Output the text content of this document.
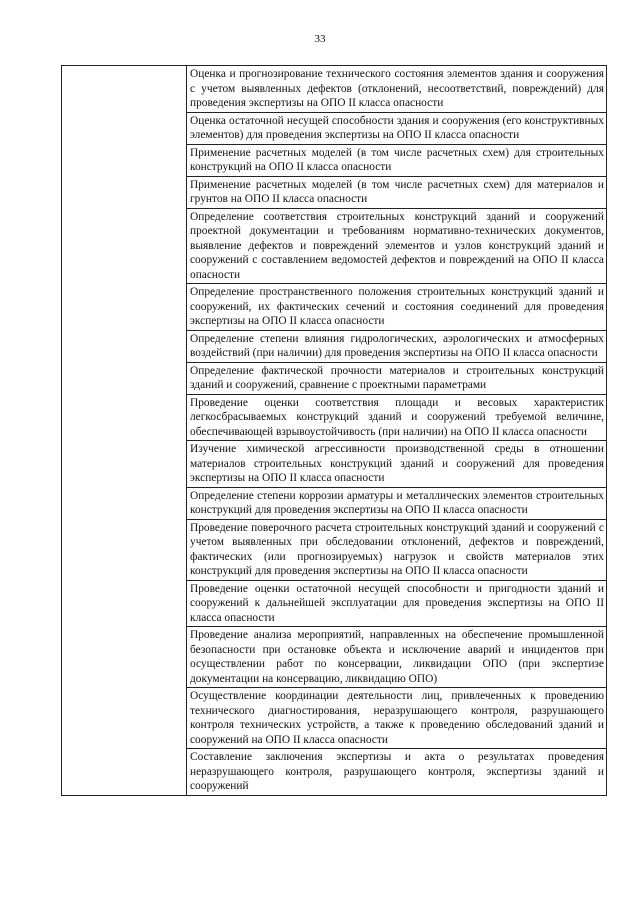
33

Оценка и прогнозирование технического состояния элементов здания и сооружения с учетом выявленных дефектов (отклонений, несоответствий, повреждений) для проведения экспертизы на ОПО II класса опасности

Оценка остаточной несущей способности здания и сооружения (его конструктивных элементов) для проведения экспертизы на ОПО II класса опасности

Применение расчетных моделей (в том числе расчетных схем) для строительных конструкций на ОПО II класса опасности

Применение расчетных моделей (в том числе расчетных схем) для материалов и грунтов на ОПО II класса опасности

Определение соответствия строительных конструкций зданий и сооружений проектной документации и требованиям нормативно-технических документов, выявление дефектов и повреждений элементов и узлов конструкций зданий и сооружений с составлением ведомостей дефектов и повреждений на ОПО II класса опасности

Определение пространственного положения строительных конструкций зданий и сооружений, их фактических сечений и состояния соединений для проведения экспертизы на ОПО II класса опасности

Определение степени влияния гидрологических, аэрологических и атмосферных воздействий (при наличии) для проведения экспертизы на ОПО II класса опасности

Определение фактической прочности материалов и строительных конструкций зданий и сооружений, сравнение с проектными параметрами

Проведение оценки соответствия площади и весовых характеристик легкосбрасываемых конструкций зданий и сооружений требуемой величине, обеспечивающей взрывоустойчивость (при наличии) на ОПО II класса опасности

Изучение химической агрессивности производственной среды в отношении материалов строительных конструкций зданий и сооружений для проведения экспертизы на ОПО II класса опасности

Определение степени коррозии арматуры и металлических элементов строительных конструкций для проведения экспертизы на ОПО II класса опасности

Проведение поверочного расчета строительных конструкций зданий и сооружений с учетом выявленных при обследовании отклонений, дефектов и повреждений, фактических (или прогнозируемых) нагрузок и свойств материалов этих конструкций для проведения экспертизы на ОПО II класса опасности

Проведение оценки остаточной несущей способности и пригодности зданий и сооружений к дальнейшей эксплуатации для проведения экспертизы на ОПО II класса опасности

Проведение анализа мероприятий, направленных на обеспечение промышленной безопасности при остановке объекта и исключение аварий и инцидентов при осуществлении работ по консервации, ликвидации ОПО (при экспертизе документации на консервацию, ликвидацию ОПО)

Осуществление координации деятельности лиц, привлеченных к проведению технического диагностирования, неразрушающего контроля, разрушающего контроля технических устройств, а также к проведению обследований зданий и сооружений на ОПО II класса опасности

Составление заключения экспертизы и акта о результатах проведения неразрушающего контроля, разрушающего контроля, экспертизы зданий и сооружений
